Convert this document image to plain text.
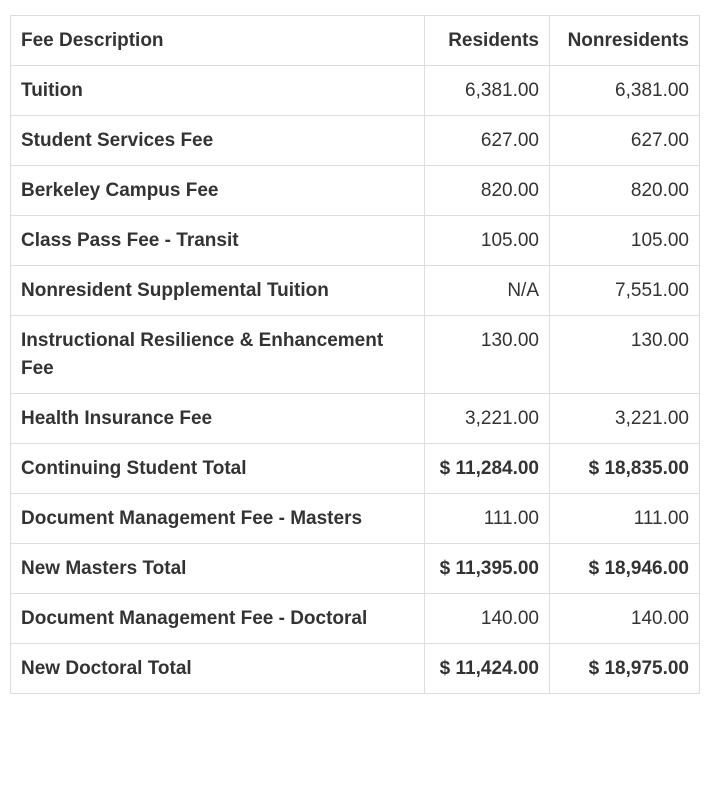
Fee Description	Residents	Nonresidents
Tuition	6,381.00	6,381.00
Student Services Fee	627.00	627.00
Berkeley Campus Fee	820.00	820.00
Class Pass Fee - Transit	105.00	105.00
Nonresident Supplemental Tuition	N/A	7,551.00
Instructional Resilience & Enhancement Fee	130.00	130.00
Health Insurance Fee	3,221.00	3,221.00
Continuing Student Total	$ 11,284.00	$ 18,835.00
Document Management Fee - Masters	111.00	111.00
New Masters Total	$ 11,395.00	$ 18,946.00
Document Management Fee - Doctoral	140.00	140.00
New Doctoral Total	$ 11,424.00	$ 18,975.00
